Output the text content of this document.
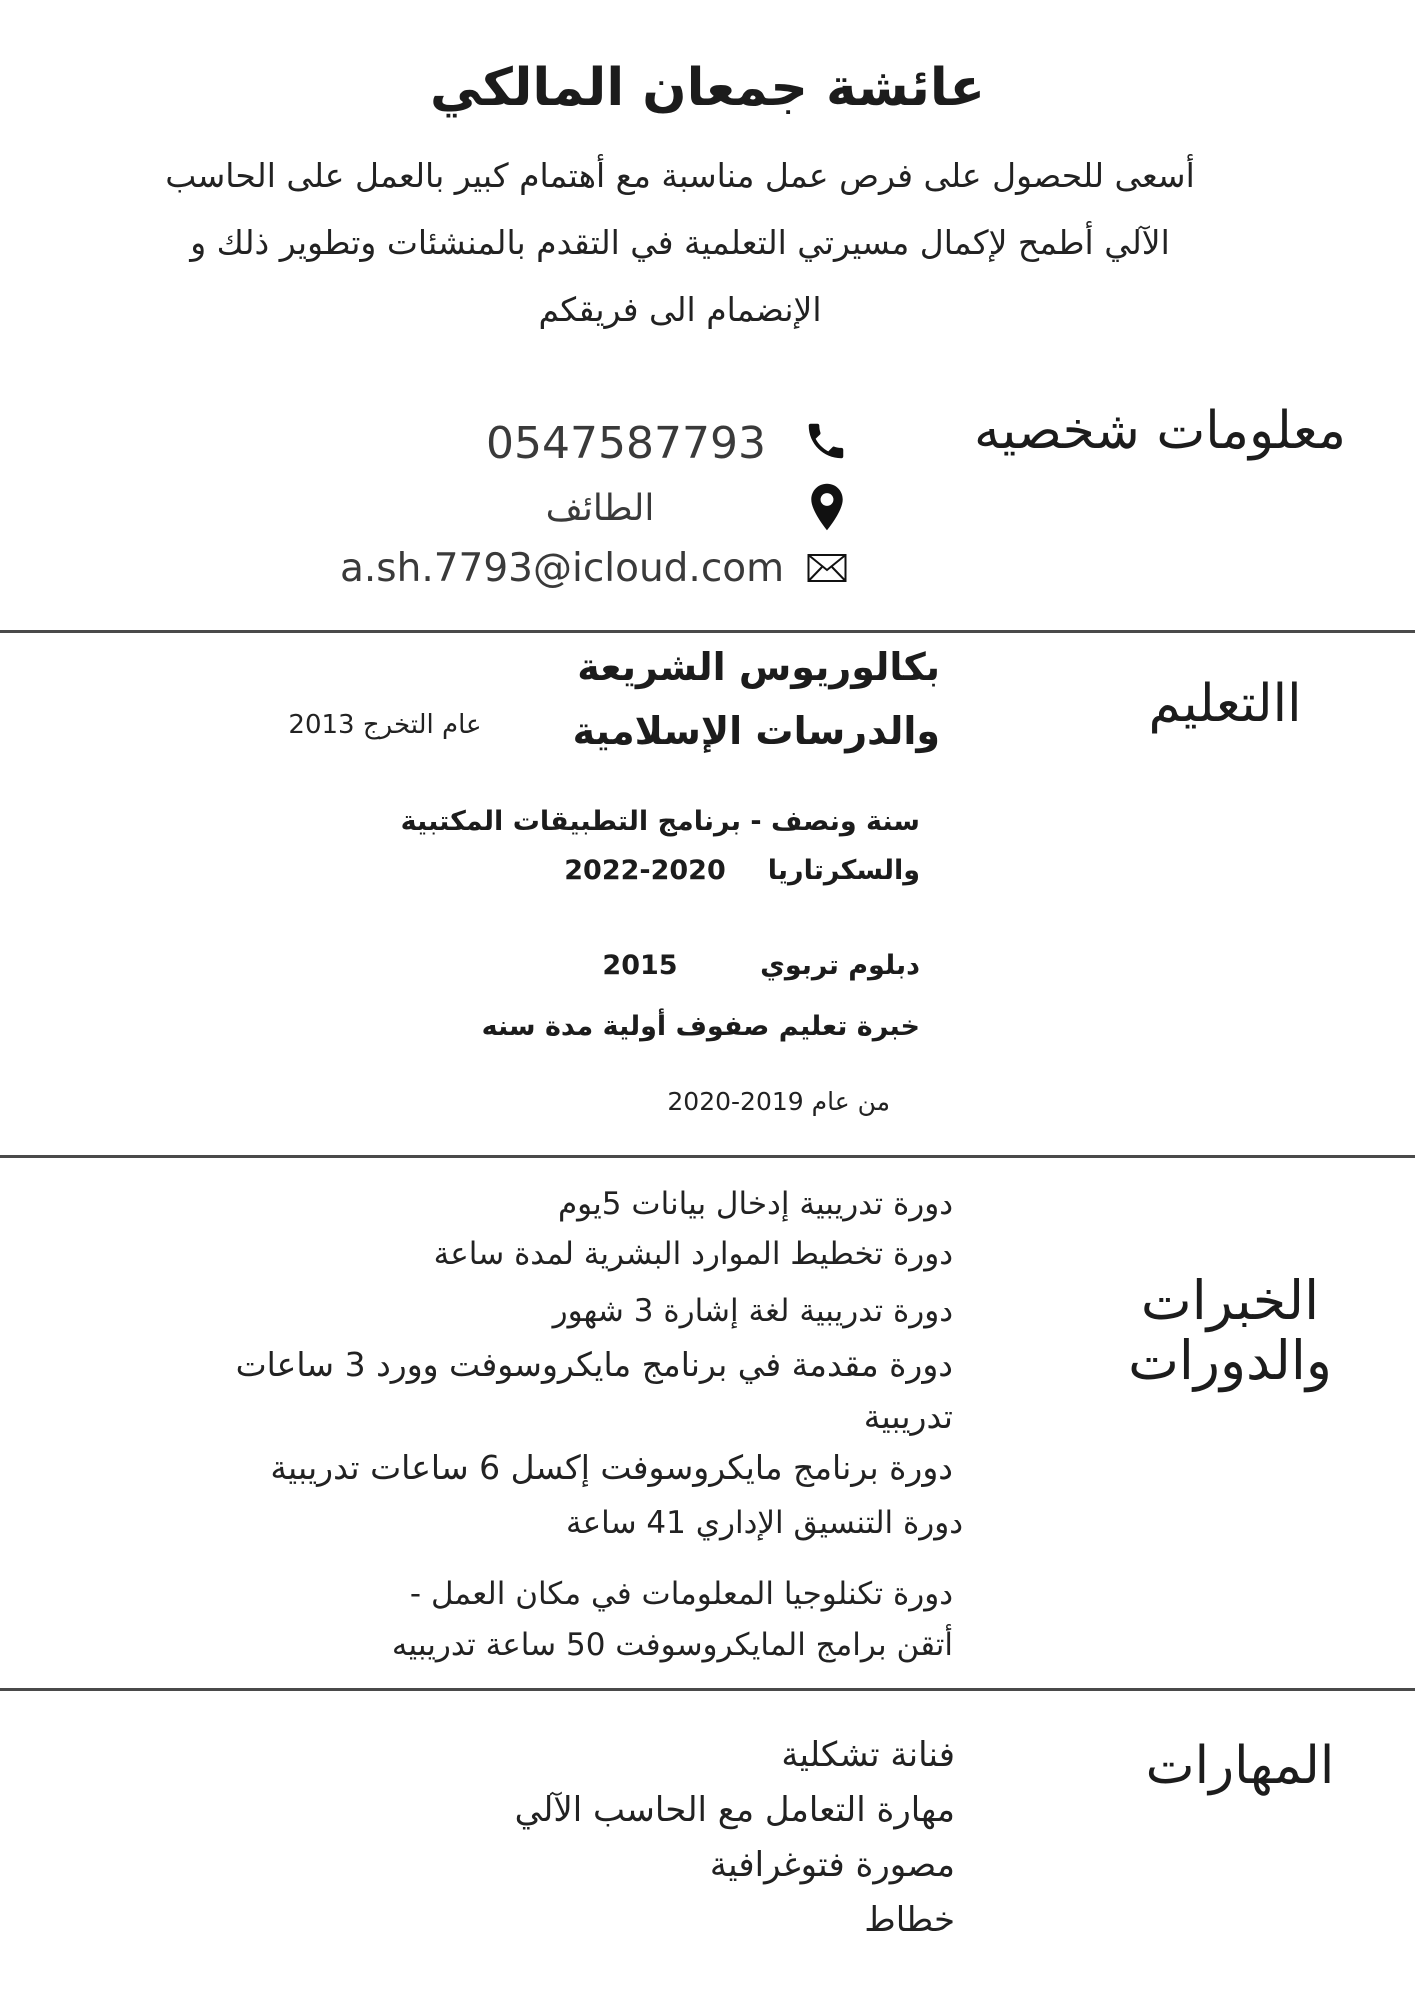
عائشة جمعان المالكي
أسعى للحصول على فرص عمل مناسبة مع أهتمام كبير بالعمل على الحاسب الآلي أطمح لإكمال مسيرتي التعلمية في التقدم بالمنشئات وتطوير ذلك و الإنضمام الى فريقكم
معلومات شخصيه
0547587793
الطائف
a.sh.7793@icloud.com
االتعليم
بكالوريوس الشريعة
والدرسات الإسلامية
عام التخرج 2013
سنة ونصف - برنامج التطبيقات المكتبية
والسكرتاريا
2022-2020
دبلوم تربوي
2015
خبرة تعليم صفوف أولية مدة سنه
من عام 2019-2020
الخبرات
والدورات
دورة تدريبية إدخال بيانات 5يوم
دورة تخطيط الموارد البشرية لمدة ساعة
دورة تدريبية لغة إشارة 3 شهور
دورة مقدمة في برنامج مايكروسوفت وورد 3 ساعات
تدريبية
دورة برنامج مايكروسوفت إكسل 6 ساعات تدريبية
دورة التنسيق الإداري 41 ساعة
دورة تكنلوجيا المعلومات في مكان العمل -
أتقن برامج المايكروسوفت 50 ساعة تدريبيه
المهارات
فنانة تشكلية
مهارة التعامل مع الحاسب الآلي
مصورة فتوغرافية
خطاط
